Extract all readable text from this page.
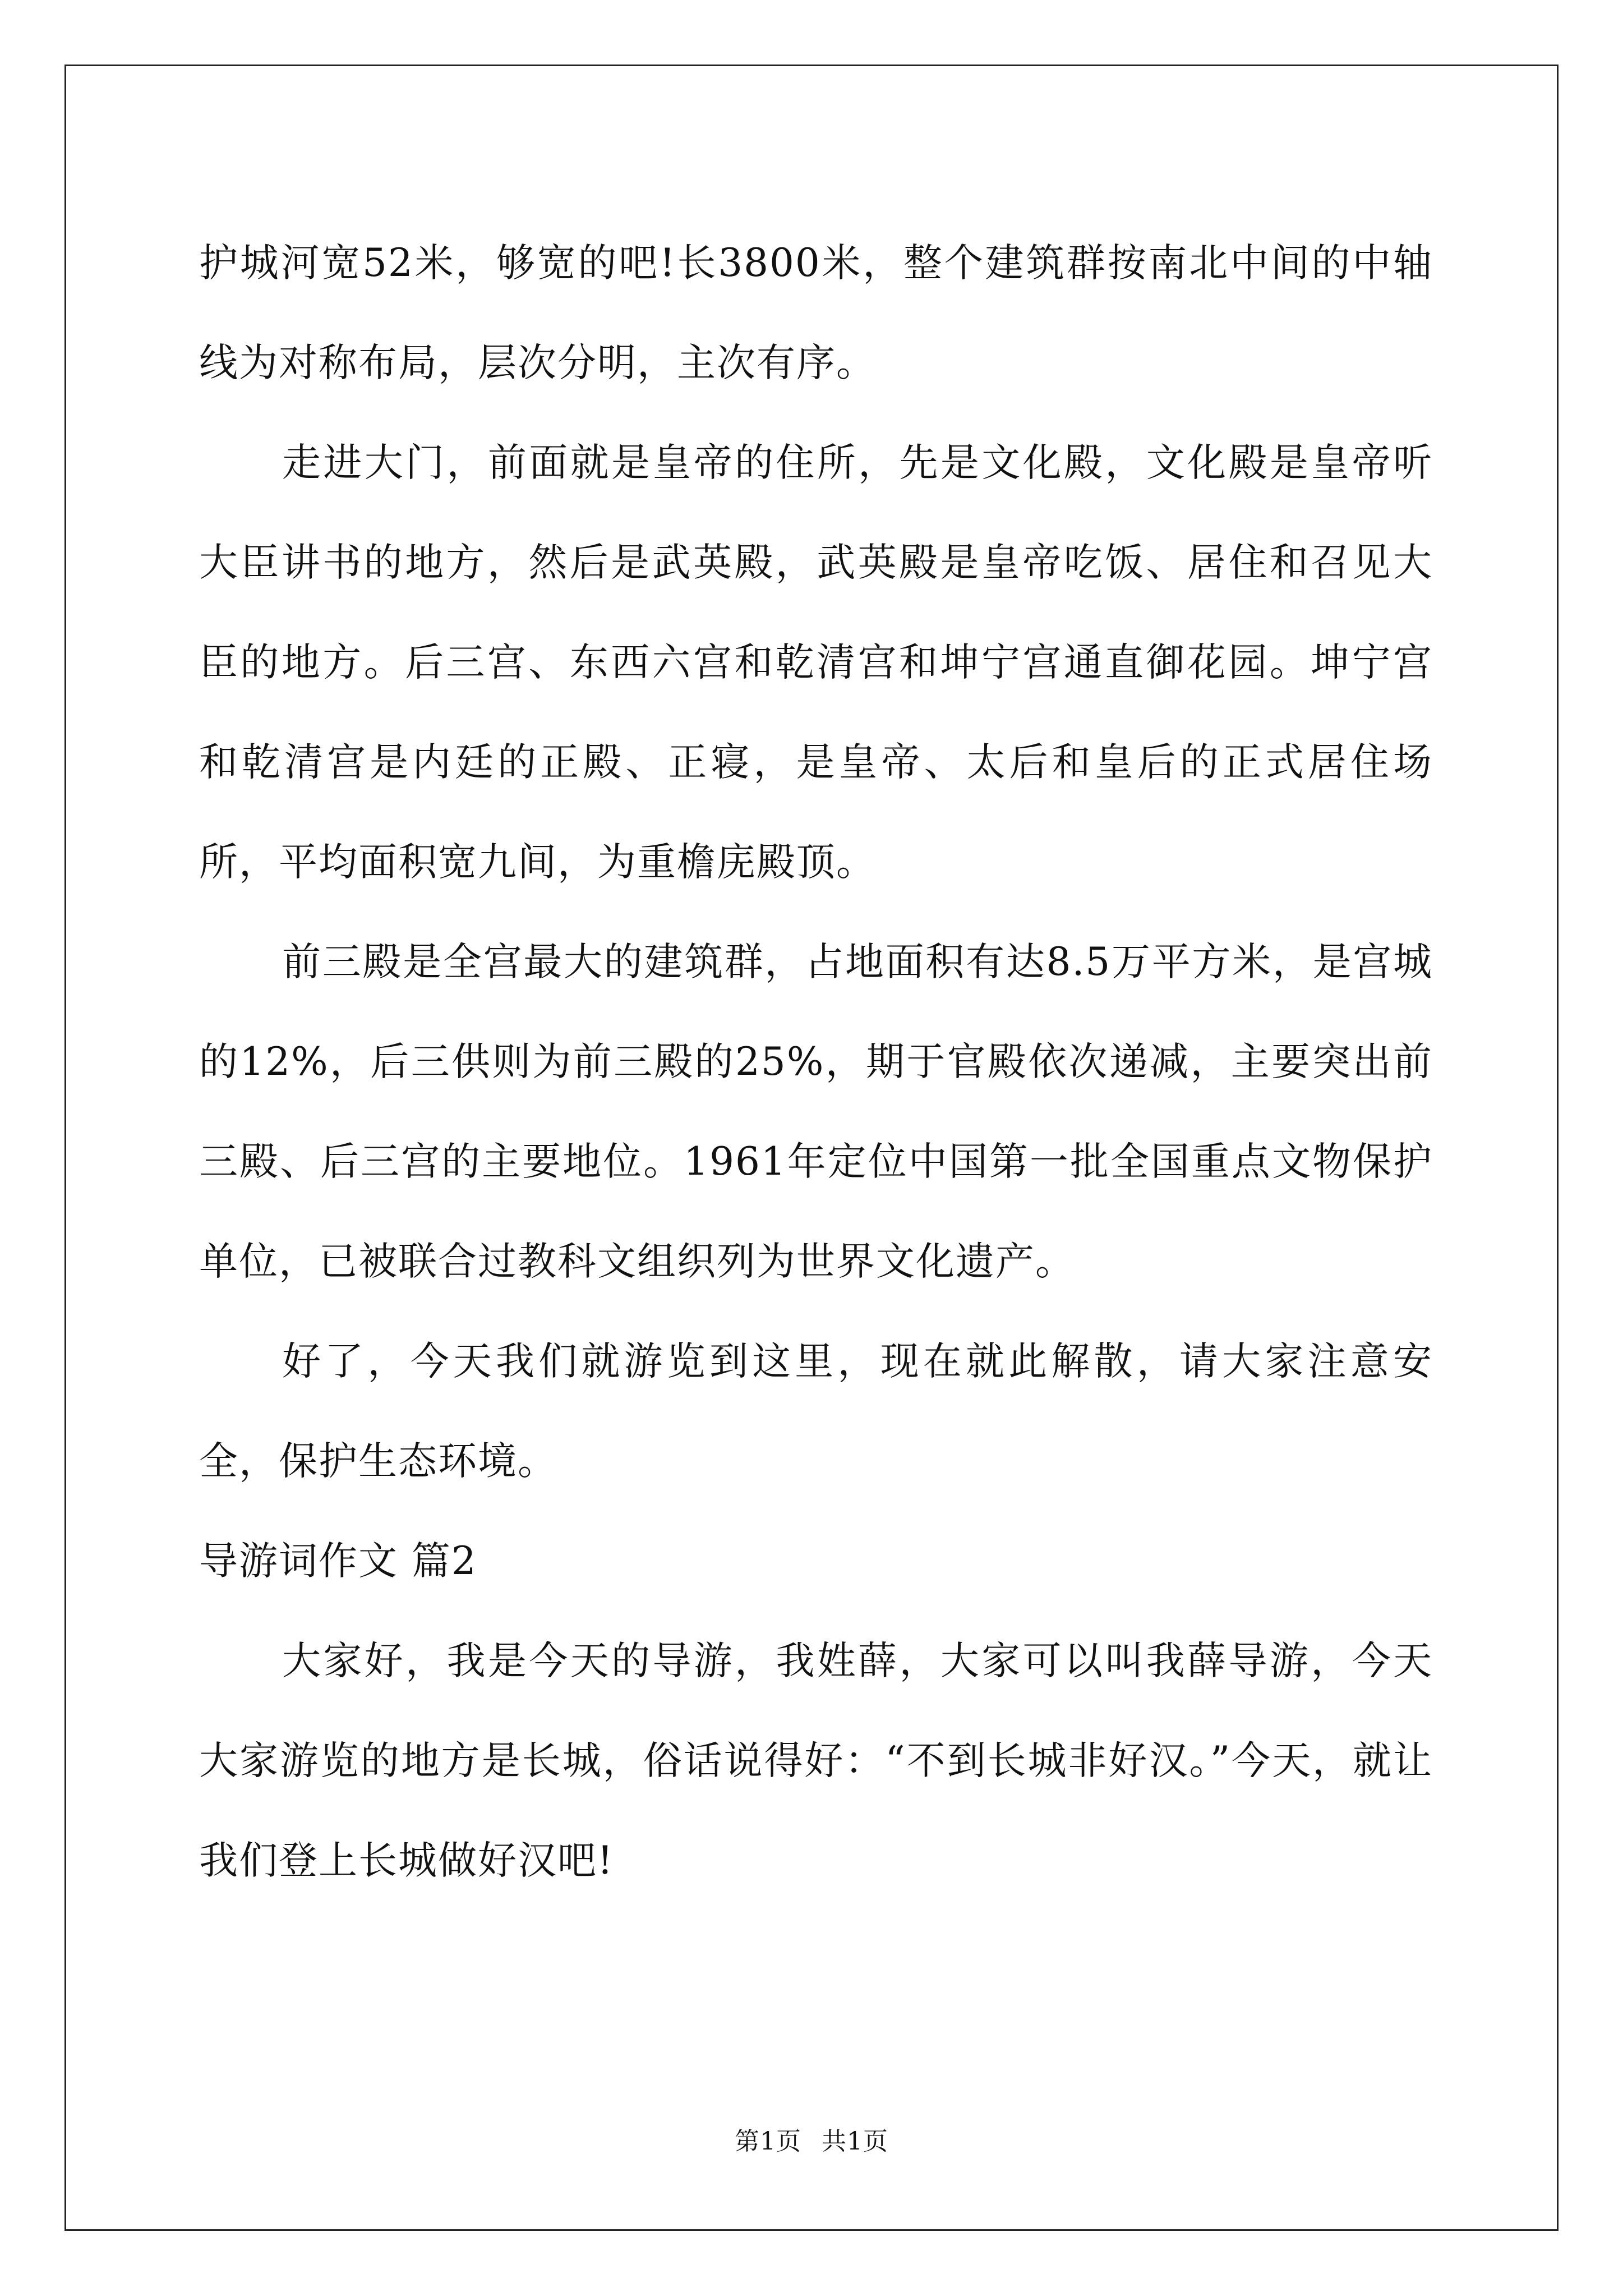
护城河宽52米，够宽的吧!长3800米，整个建筑群按南北中间的中轴线为对称布局，层次分明，主次有序。

走进大门，前面就是皇帝的住所，先是文化殿，文化殿是皇帝听大臣讲书的地方，然后是武英殿，武英殿是皇帝吃饭、居住和召见大臣的地方。后三宫、东西六宫和乾清宫和坤宁宫通直御花园。坤宁宫和乾清宫是内廷的正殿、正寝，是皇帝、太后和皇后的正式居住场所，平均面积宽九间，为重檐庑殿顶。

前三殿是全宫最大的建筑群，占地面积有达8.5万平方米，是宫城的12%，后三供则为前三殿的25%，期于官殿依次递减，主要突出前三殿、后三宫的主要地位。1961年定位中国第一批全国重点文物保护单位，已被联合过教科文组织列为世界文化遗产。

好了，今天我们就游览到这里，现在就此解散，请大家注意安全，保护生态环境。

导游词作文 篇2

大家好，我是今天的导游，我姓薛，大家可以叫我薛导游，今天大家游览的地方是长城，俗话说得好：“不到长城非好汉。”今天，就让我们登上长城做好汉吧!

第1页 共1页
